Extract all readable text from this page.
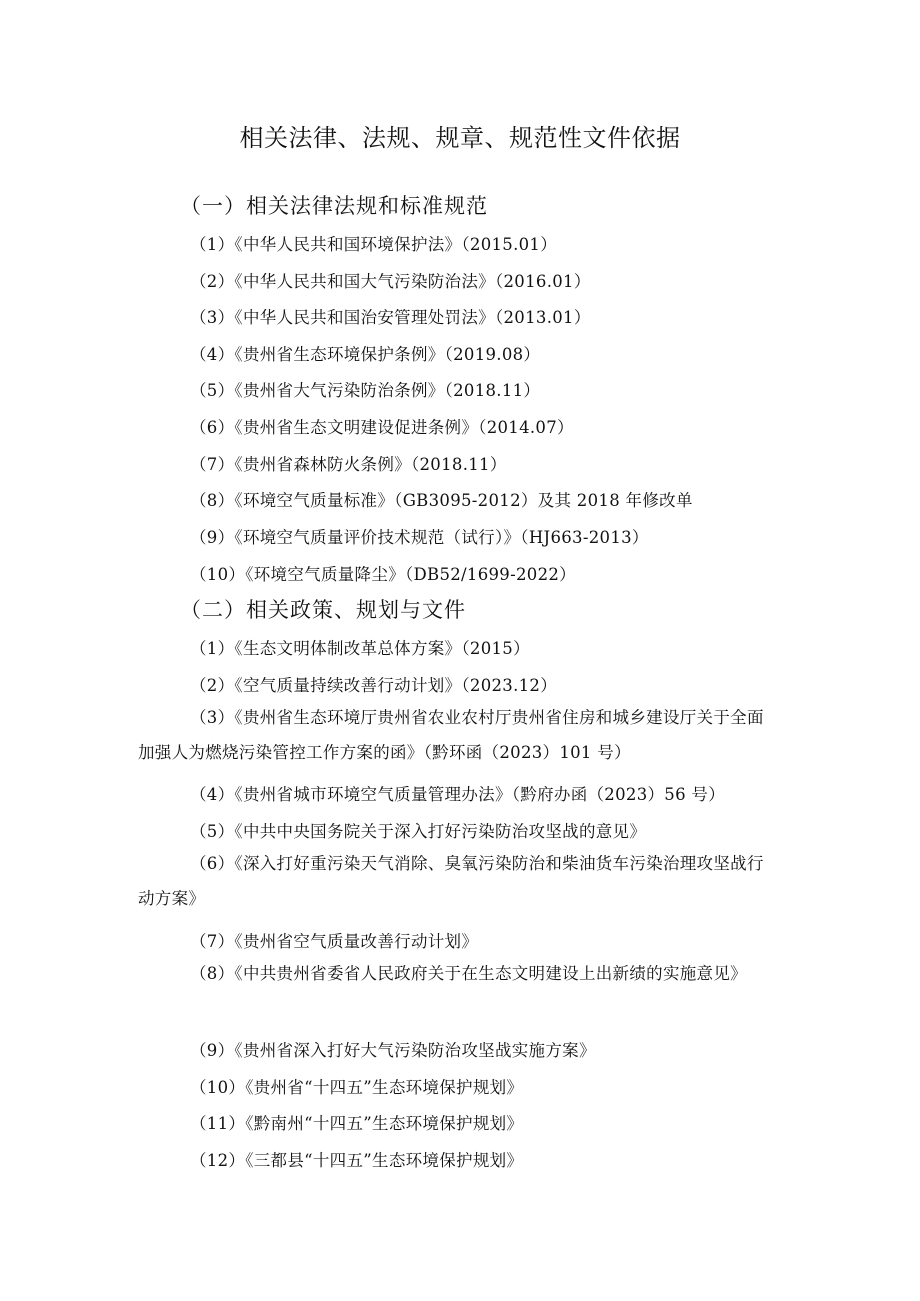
相关法律、法规、规章、规范性文件依据
（一）相关法律法规和标准规范
（1）《中华人民共和国环境保护法》（2015.01）
（2）《中华人民共和国大气污染防治法》（2016.01）
（3）《中华人民共和国治安管理处罚法》（2013.01）
（4）《贵州省生态环境保护条例》（2019.08）
（5）《贵州省大气污染防治条例》（2018.11）
（6）《贵州省生态文明建设促进条例》（2014.07）
（7）《贵州省森林防火条例》（2018.11）
（8）《环境空气质量标准》（GB3095-2012）及其 2018 年修改单
（9）《环境空气质量评价技术规范（试行）》（HJ663-2013）
（10）《环境空气质量降尘》（DB52/1699-2022）
（二）相关政策、规划与文件
（1）《生态文明体制改革总体方案》（2015）
（2）《空气质量持续改善行动计划》（2023.12）
（3）《贵州省生态环境厅贵州省农业农村厅贵州省住房和城乡建设厅关于全面加强人为燃烧污染管控工作方案的函》（黔环函（2023）101 号）
（4）《贵州省城市环境空气质量管理办法》（黔府办函（2023）56 号）
（5）《中共中央国务院关于深入打好污染防治攻坚战的意见》
（6）《深入打好重污染天气消除、臭氧污染防治和柴油货车污染治理攻坚战行动方案》
（7）《贵州省空气质量改善行动计划》
（8）《中共贵州省委省人民政府关于在生态文明建设上出新绩的实施意见》
（9）《贵州省深入打好大气污染防治攻坚战实施方案》
（10）《贵州省“十四五”生态环境保护规划》
（11）《黔南州“十四五”生态环境保护规划》
（12）《三都县“十四五”生态环境保护规划》
